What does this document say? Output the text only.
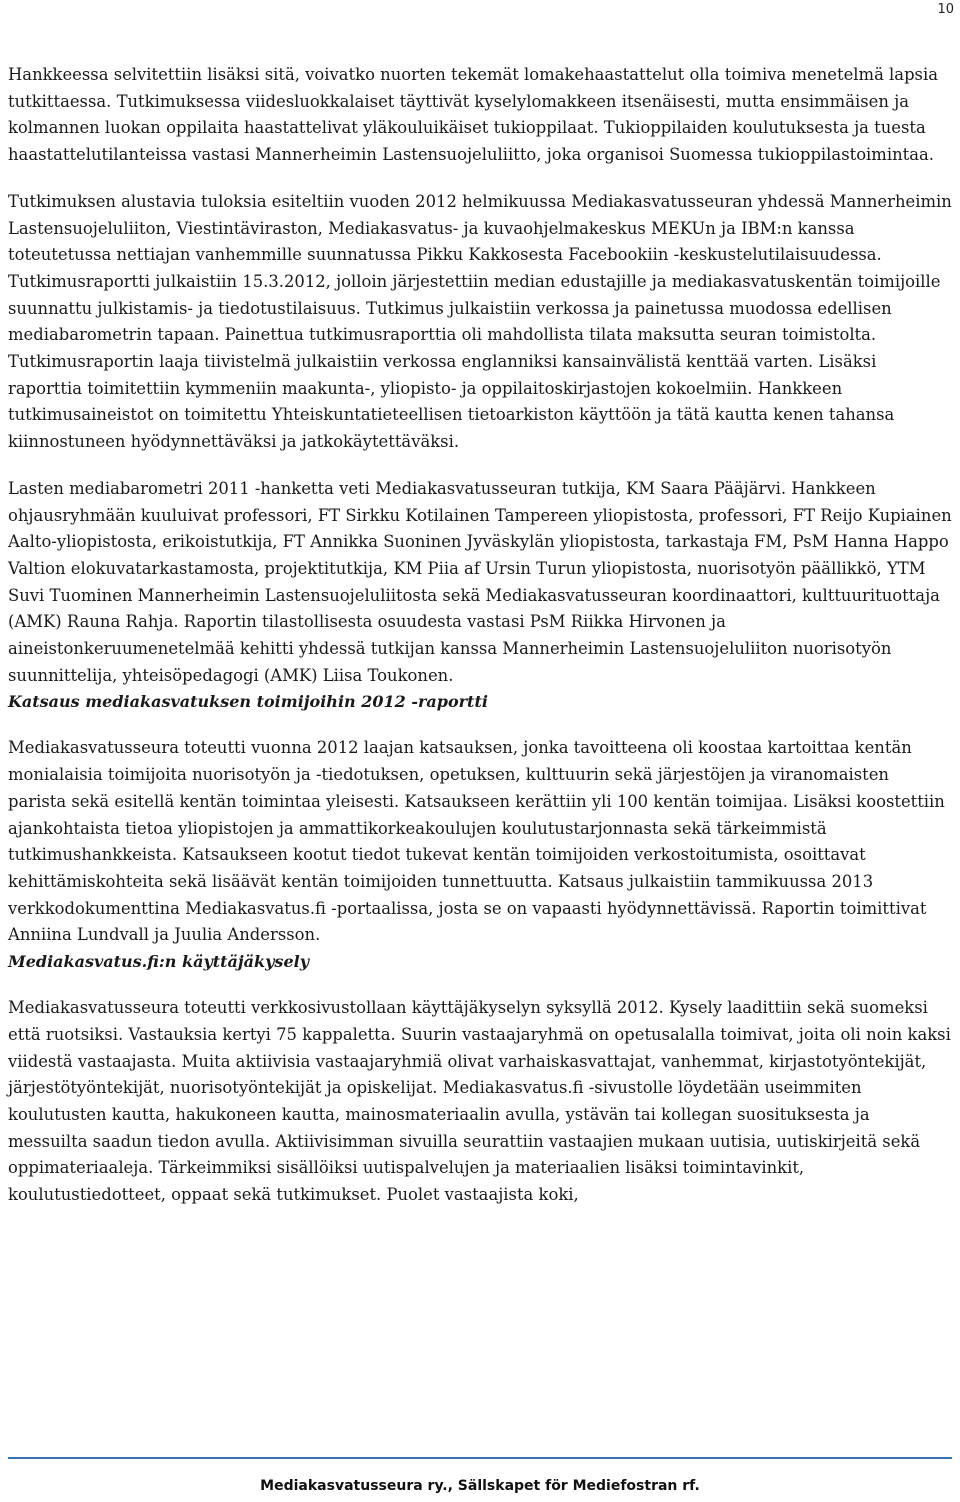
10

Hankkeessa selvitettiin lisäksi sitä, voivatko nuorten tekemät lomakehaastattelut olla toimiva menetelmä lapsia tutkittaessa. Tutkimuksessa viidesluokkalaiset täyttivät kyselylomakkeen itsenäisesti, mutta ensimmäisen ja kolmannen luokan oppilaita haastattelivat yläkouluikäiset tukioppilaat. Tukioppilaiden koulutuksesta ja tuesta haastattelutilanteissa vastasi Mannerheimin Lastensuojeluliitto, joka organisoi Suomessa tukioppilastoimintaa.

Tutkimuksen alustavia tuloksia esiteltiin vuoden 2012 helmikuussa Mediakasvatusseuran yhdessä Mannerheimin Lastensuojeluliiton, Viestintäviraston, Mediakasvatus- ja kuvaohjelmakeskus MEKUn ja IBM:n kanssa toteutetussa nettiajan vanhemmille suunnatussa Pikku Kakkosesta Facebookiin -keskustelutilaisuudessa. Tutkimusraportti julkaistiin 15.3.2012, jolloin järjestettiin median edustajille ja mediakasvatuskentän toimijoille suunnattu julkistamis- ja tiedotustilaisuus. Tutkimus julkaistiin verkossa ja painetussa muodossa edellisen mediabarometrin tapaan. Painettua tutkimusraporttia oli mahdollista tilata maksutta seuran toimistolta. Tutkimusraportin laaja tiivistelmä julkaistiin verkossa englanniksi kansainvälistä kenttää varten. Lisäksi raporttia toimitettiin kymmeniin maakunta-, yliopisto- ja oppilaitoskirjastojen kokoelmiin. Hankkeen tutkimusaineistot on toimitettu Yhteiskuntatieteellisen tietoarkiston käyttöön ja tätä kautta kenen tahansa kiinnostuneen hyödynnettäväksi ja jatkokäytettäväksi.

Lasten mediabarometri 2011 -hanketta veti Mediakasvatusseuran tutkija, KM Saara Pääjärvi. Hankkeen ohjausryhmään kuuluivat professori, FT Sirkku Kotilainen Tampereen yliopistosta, professori, FT Reijo Kupiainen Aalto-yliopistosta, erikoistutkija, FT Annikka Suoninen Jyväskylän yliopistosta, tarkastaja FM, PsM Hanna Happo Valtion elokuvatarkastamosta, projektitutkija, KM Piia af Ursin Turun yliopistosta, nuorisotyön päällikkö, YTM Suvi Tuominen Mannerheimin Lastensuojeluliitosta sekä Mediakasvatusseuran koordinaattori, kulttuurituottaja (AMK) Rauna Rahja. Raportin tilastollisesta osuudesta vastasi PsM Riikka Hirvonen ja aineistonkeruumenetelmää kehitti yhdessä tutkijan kanssa Mannerheimin Lastensuojeluliiton nuorisotyön suunnittelija, yhteisöpedagogi (AMK) Liisa Toukonen.

Katsaus mediakasvatuksen toimijoihin 2012 -raportti

Mediakasvatusseura toteutti vuonna 2012 laajan katsauksen, jonka tavoitteena oli koostaa kartoittaa kentän monialaisia toimijoita nuorisotyön ja -tiedotuksen, opetuksen, kulttuurin sekä järjestöjen ja viranomaisten parista sekä esitellä kentän toimintaa yleisesti. Katsaukseen kerättiin yli 100 kentän toimijaa. Lisäksi koostettiin ajankohtaista tietoa yliopistojen ja ammattikorkeakoulujen koulutustarjonnasta sekä tärkeimmistä tutkimushankkeista. Katsaukseen kootut tiedot tukevat kentän toimijoiden verkostoitumista, osoittavat kehittämiskohteita sekä lisäävät kentän toimijoiden tunnettuutta. Katsaus julkaistiin tammikuussa 2013 verkkodokumenttina Mediakasvatus.fi -portaalissa, josta se on vapaasti hyödynnettävissä. Raportin toimittivat Anniina Lundvall ja Juulia Andersson.

Mediakasvatus.fi:n käyttäjäkysely

Mediakasvatusseura toteutti verkkosivustollaan käyttäjäkyselyn syksyllä 2012. Kysely laadittiin sekä suomeksi että ruotsiksi. Vastauksia kertyi 75 kappaletta. Suurin vastaajaryhmä on opetusalalla toimivat, joita oli noin kaksi viidestä vastaajasta. Muita aktiivisia vastaajaryhmiä olivat varhaiskasvattajat, vanhemmat, kirjastotyöntekijät, järjestötyöntekijät, nuorisotyöntekijät ja opiskelijat. Mediakasvatus.fi -sivustolle löydetään useimmiten koulutusten kautta, hakukoneen kautta, mainosmateriaalin avulla, ystävän tai kollegan suosituksesta ja messuilta saadun tiedon avulla. Aktiivisimman sivuilla seurattiin vastaajien mukaan uutisia, uutiskirjeitä sekä oppimateriaaleja. Tärkeimmiksi sisällöiksi uutispalvelujen ja materiaalien lisäksi toimintavinkit, koulutustiedotteet, oppaat sekä tutkimukset. Puolet vastaajista koki,

Mediakasvatusseura ry., Sällskapet för Mediefostran rf.
